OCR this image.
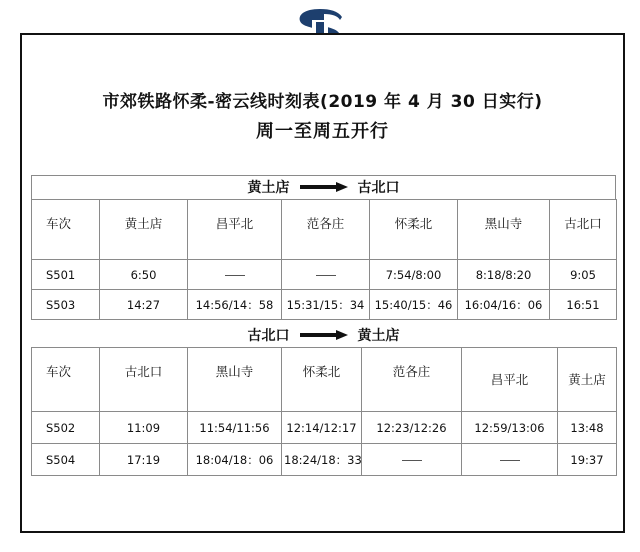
市郊铁路怀柔-密云线时刻表(2019 年 4 月 30 日实行)
周一至周五开行
黄土店	古北口
车次	黄土店	昌平北	范各庄	怀柔北	黑山寺	古北口
S501	6:50			7:54/8:00	8:18/8:20	9:05
S503	14:27	14:56/14：58	15:31/15：34	15:40/15：46	16:04/16：06	16:51
古北口	黄土店
车次	古北口	黑山寺	怀柔北	范各庄	昌平北	黄土店
S502	11:09	11:54/11:56	12:14/12:17	12:23/12:26	12:59/13:06	13:48
S504	17:19	18:04/18：06	18:24/18：33			19:37
